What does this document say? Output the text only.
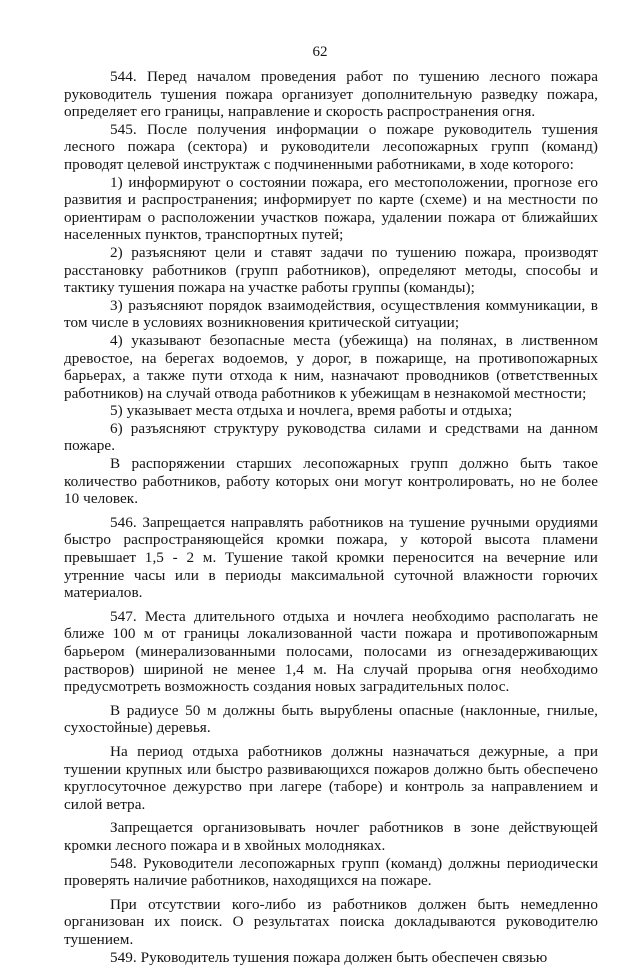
62

544. Перед началом проведения работ по тушению лесного пожара руководитель тушения пожара организует дополнительную разведку пожара, определяет его границы, направление и скорость распространения огня.

545. После получения информации о пожаре руководитель тушения лесного пожара (сектора) и руководители лесопожарных групп (команд) проводят целевой инструктаж с подчиненными работниками, в ходе которого:

1) информируют о состоянии пожара, его местоположении, прогнозе его развития и распространения; информирует по карте (схеме) и на местности по ориентирам о расположении участков пожара, удалении пожара от ближайших населенных пунктов, транспортных путей;

2) разъясняют цели и ставят задачи по тушению пожара, производят расстановку работников (групп работников), определяют методы, способы и тактику тушения пожара на участке работы группы (команды);

3) разъясняют порядок взаимодействия, осуществления коммуникации, в том числе в условиях возникновения критической ситуации;

4) указывают безопасные места (убежища) на полянах, в лиственном древостое, на берегах водоемов, у дорог, в пожарище, на противопожарных барьерах, а также пути отхода к ним, назначают проводников (ответственных работников) на случай отвода работников к убежищам в незнакомой местности;

5) указывает места отдыха и ночлега, время работы и отдыха;

6) разъясняют структуру руководства силами и средствами на данном пожаре.

В распоряжении старших лесопожарных групп должно быть такое количество работников, работу которых они могут контролировать, но не более 10 человек.

546. Запрещается направлять работников на тушение ручными орудиями быстро распространяющейся кромки пожара, у которой высота пламени превышает 1,5 - 2 м. Тушение такой кромки переносится на вечерние или утренние часы или в периоды максимальной суточной влажности горючих материалов.

547. Места длительного отдыха и ночлега необходимо располагать не ближе 100 м от границы локализованной части пожара и противопожарным барьером (минерализованными полосами, полосами из огнезадерживающих растворов) шириной не менее 1,4 м. На случай прорыва огня необходимо предусмотреть возможность создания новых заградительных полос.

В радиусе 50 м должны быть вырублены опасные (наклонные, гнилые, сухостойные) деревья.

На период отдыха работников должны назначаться дежурные, а при тушении крупных или быстро развивающихся пожаров должно быть обеспечено круглосуточное дежурство при лагере (таборе) и контроль за направлением и силой ветра.

Запрещается организовывать ночлег работников в зоне действующей кромки лесного пожара и в хвойных молодняках.

548. Руководители лесопожарных групп (команд) должны периодически проверять наличие работников, находящихся на пожаре.

При отсутствии кого-либо из работников должен быть немедленно организован их поиск. О результатах поиска докладываются руководителю тушением.

549. Руководитель тушения пожара должен быть обеспечен связью
